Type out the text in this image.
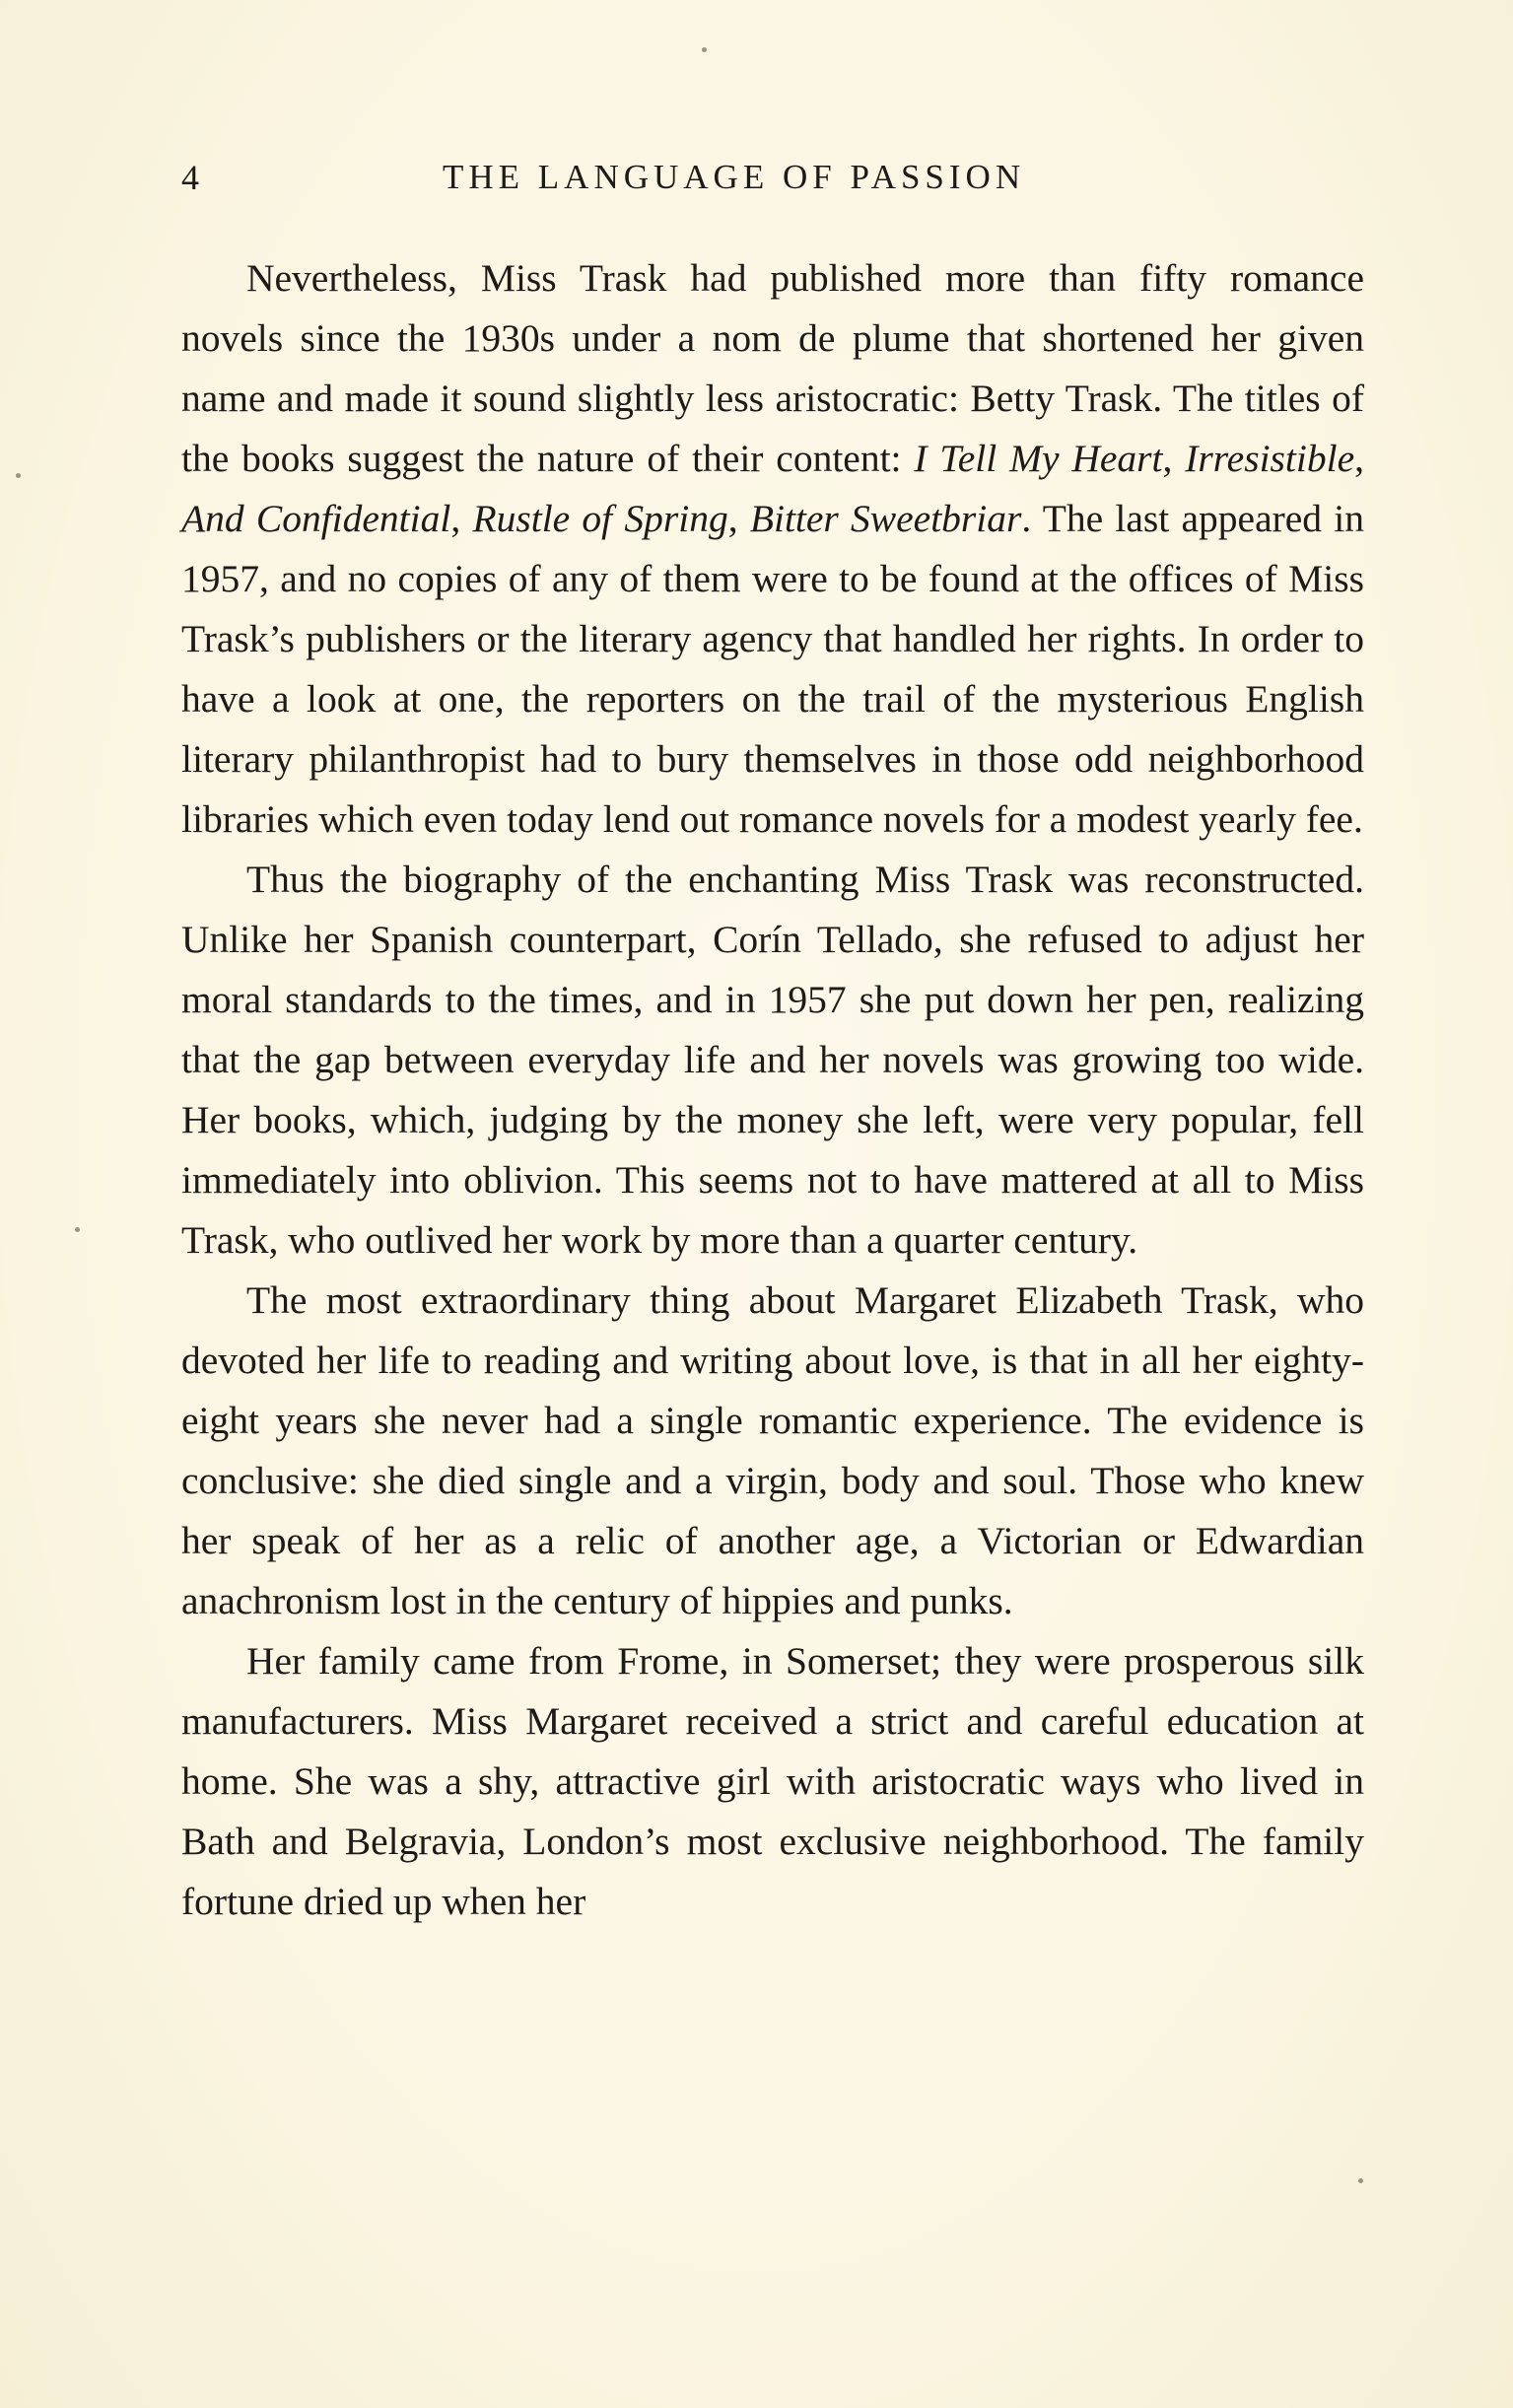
4	THE LANGUAGE OF PASSION

Nevertheless, Miss Trask had published more than fifty romance novels since the 1930s under a nom de plume that shortened her given name and made it sound slightly less aristocratic: Betty Trask. The titles of the books suggest the nature of their content: I Tell My Heart, Irresistible, And Confidential, Rustle of Spring, Bitter Sweetbriar. The last appeared in 1957, and no copies of any of them were to be found at the offices of Miss Trask’s publishers or the literary agency that handled her rights. In order to have a look at one, the reporters on the trail of the mysterious English literary philanthropist had to bury themselves in those odd neighborhood libraries which even today lend out romance novels for a modest yearly fee.

Thus the biography of the enchanting Miss Trask was reconstructed. Unlike her Spanish counterpart, Corín Tellado, she refused to adjust her moral standards to the times, and in 1957 she put down her pen, realizing that the gap between everyday life and her novels was growing too wide. Her books, which, judging by the money she left, were very popular, fell immediately into oblivion. This seems not to have mattered at all to Miss Trask, who outlived her work by more than a quarter century.

The most extraordinary thing about Margaret Elizabeth Trask, who devoted her life to reading and writing about love, is that in all her eighty-eight years she never had a single romantic experience. The evidence is conclusive: she died single and a virgin, body and soul. Those who knew her speak of her as a relic of another age, a Victorian or Edwardian anachronism lost in the century of hippies and punks.

Her family came from Frome, in Somerset; they were prosperous silk manufacturers. Miss Margaret received a strict and careful education at home. She was a shy, attractive girl with aristocratic ways who lived in Bath and Belgravia, London’s most exclusive neighborhood. The family fortune dried up when her
